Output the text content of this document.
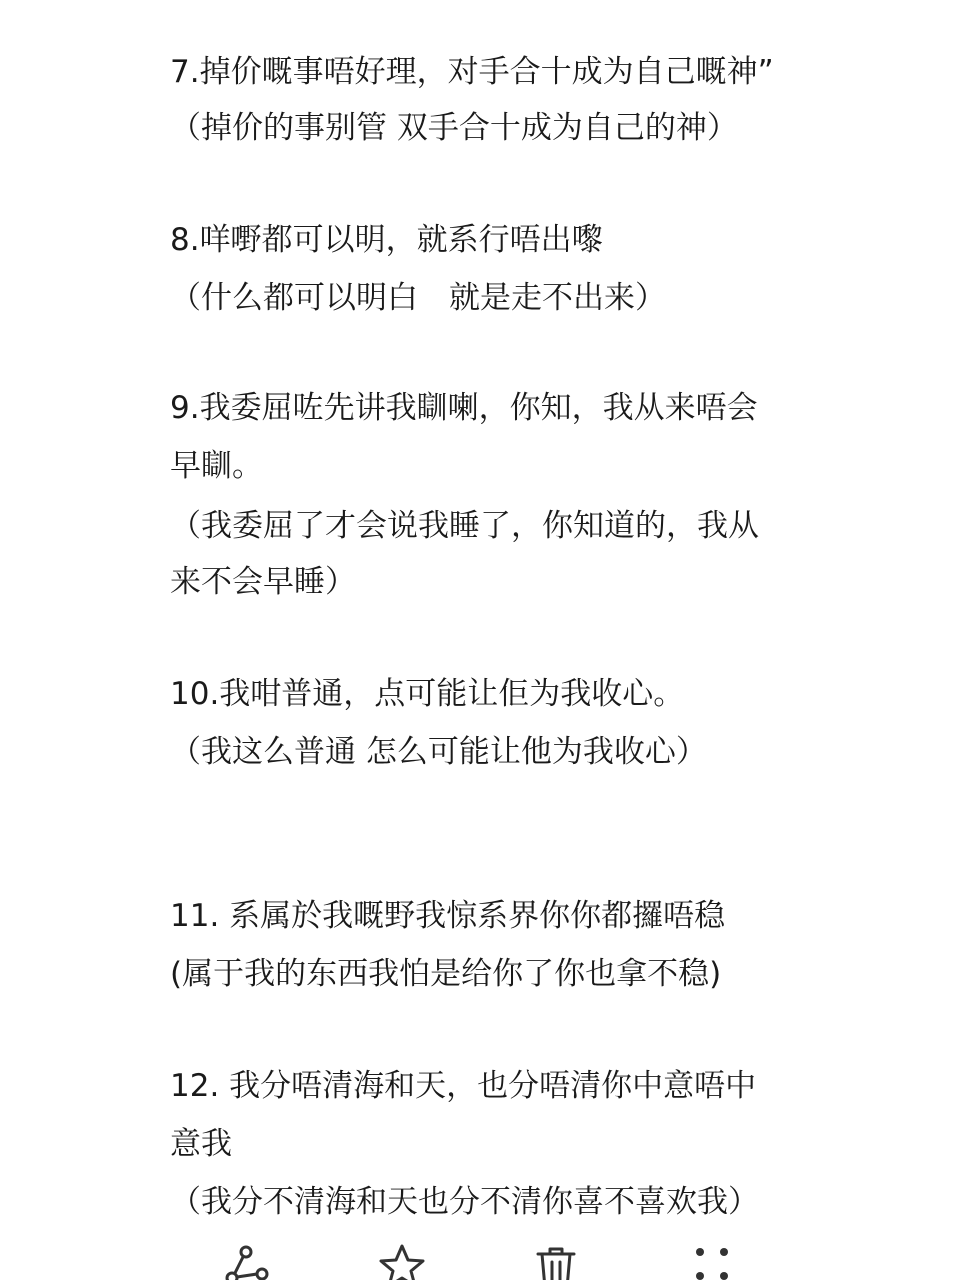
7.掉价嘅事唔好理，对手合十成为自己嘅神”
（掉价的事别管 双手合十成为自己的神）
8.咩嘢都可以明，就系行唔出嚟
（什么都可以明白　就是走不出来）
9.我委屈咗先讲我瞓喇，你知，我从来唔会
早瞓。
（我委屈了才会说我睡了，你知道的，我从
来不会早睡）
10.我咁普通，点可能让佢为我收心。
（我这么普通 怎么可能让他为我收心）
11. 系属於我嘅野我惊系界你你都攞唔稳
(属于我的东西我怕是给你了你也拿不稳)
12. 我分唔清海和天，也分唔清你中意唔中
意我
（我分不清海和天也分不清你喜不喜欢我）
